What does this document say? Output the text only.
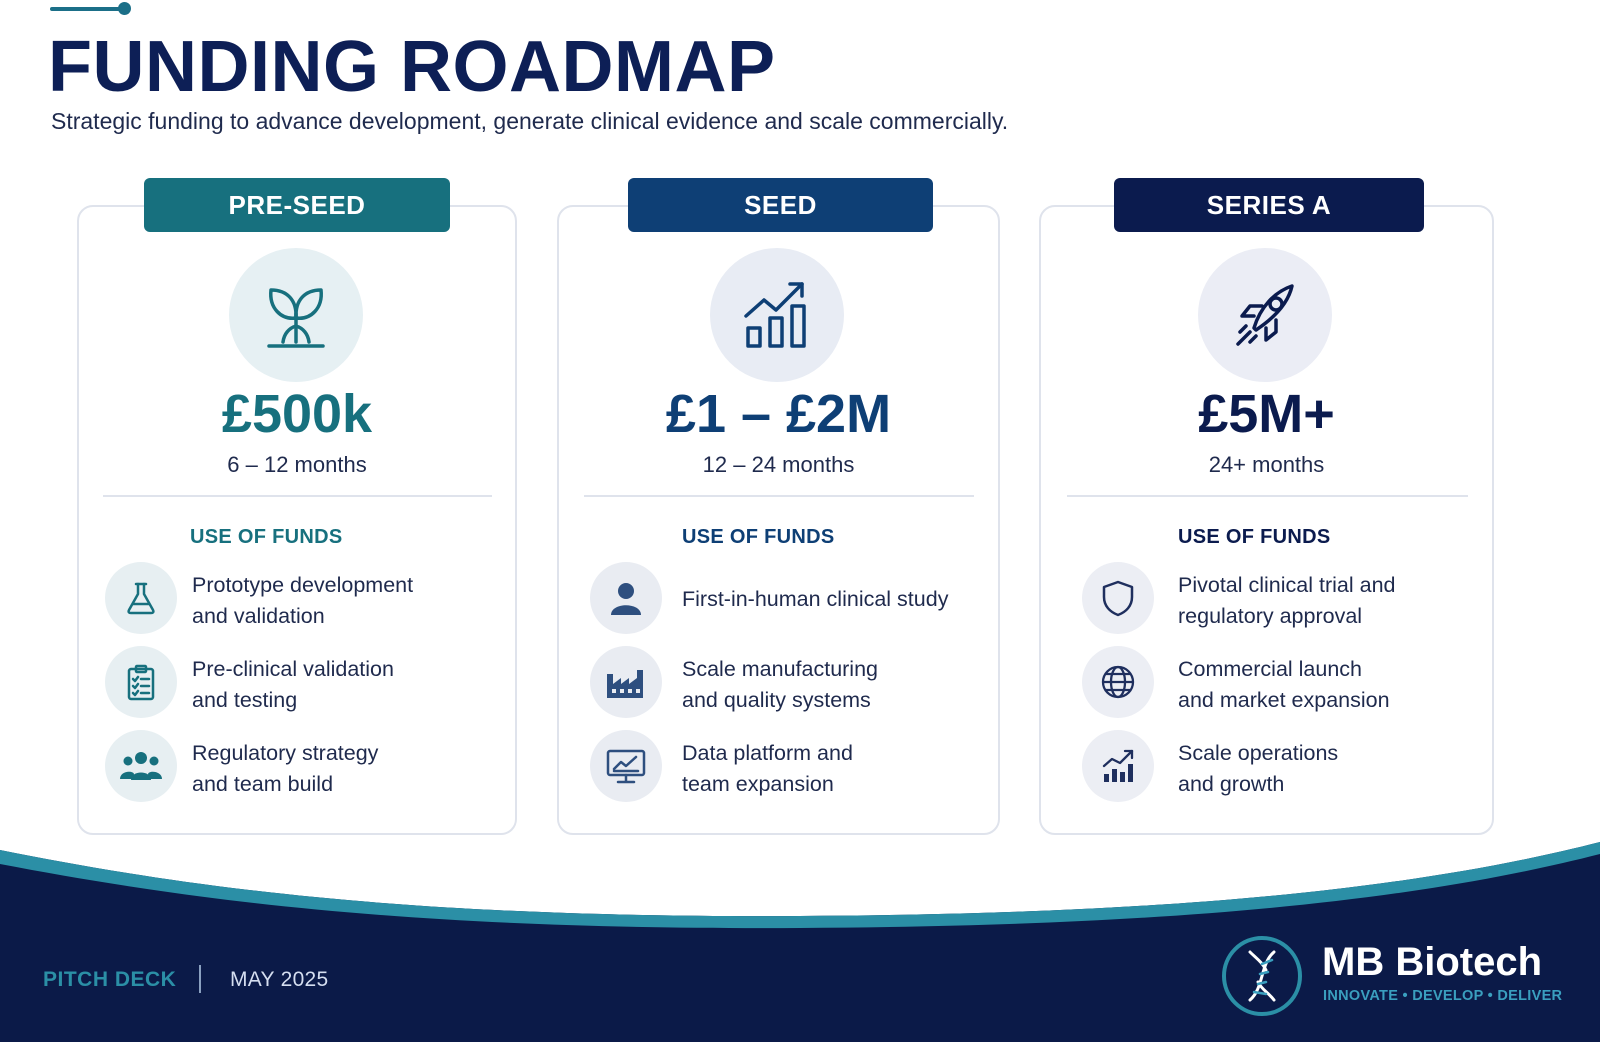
FUNDING ROADMAP

Strategic funding to advance development, generate clinical evidence and scale commercially.

PRE-SEED	SEED	SERIES A
£500k	£1 – £2M	£5M+
6 – 12 months	12 – 24 months	24+ months
USE OF FUNDS	USE OF FUNDS	USE OF FUNDS
Prototype development
and validation
Pre-clinical validation
and testing
Regulatory strategy
and team build
First-in-human clinical study
Scale manufacturing
and quality systems
Data platform and
team expansion
Pivotal clinical trial and
regulatory approval
Commercial launch
and market expansion
Scale operations
and growth
PITCH DECK	MAY 2025	MB Biotech
INNOVATE • DEVELOP • DELIVER
